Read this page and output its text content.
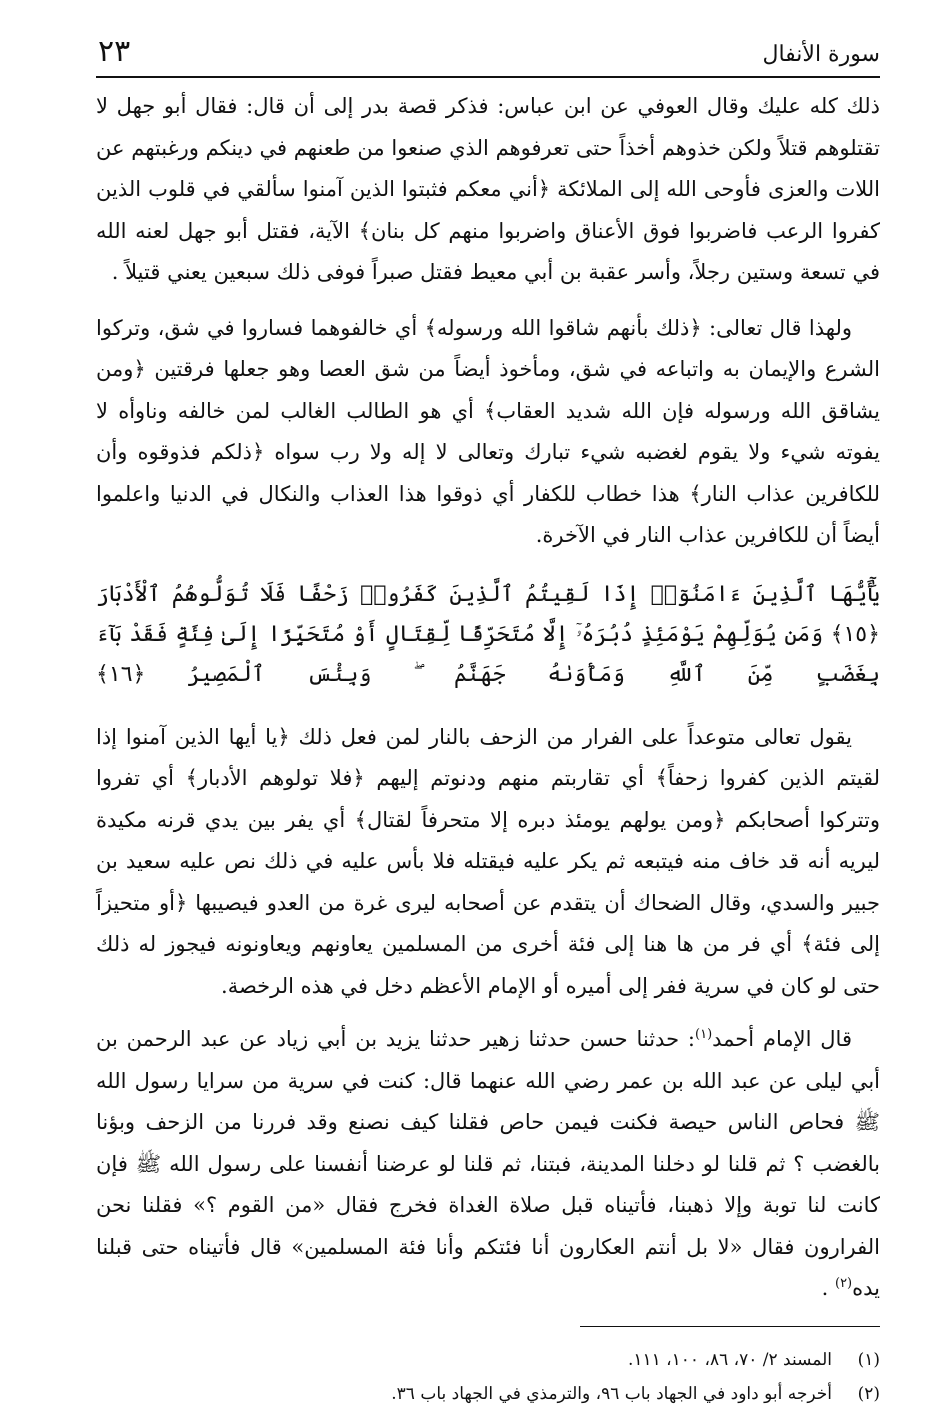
سورة الأنفال
٢٣

ذلك كله عليك وقال العوفي عن ابن عباس: فذكر قصة بدر إلى أن قال: فقال أبو جهل لا تقتلوهم قتلاً ولكن خذوهم أخذاً حتى تعرفوهم الذي صنعوا من طعنهم في دينكم ورغبتهم عن اللات والعزى فأوحى الله إلى الملائكة ﴿أني معكم فثبتوا الذين آمنوا سألقي في قلوب الذين كفروا الرعب فاضربوا فوق الأعناق واضربوا منهم كل بنان﴾ الآية، فقتل أبو جهل لعنه الله في تسعة وستين رجلاً، وأسر عقبة بن أبي معيط فقتل صبراً فوفى ذلك سبعين يعني قتيلاً .

ولهذا قال تعالى: ﴿ذلك بأنهم شاقوا الله ورسوله﴾ أي خالفوهما فساروا في شق، وتركوا الشرع والإيمان به واتباعه في شق، ومأخوذ أيضاً من شق العصا وهو جعلها فرقتين ﴿ومن يشاقق الله ورسوله فإن الله شديد العقاب﴾ أي هو الطالب الغالب لمن خالفه وناوأه لا يفوته شيء ولا يقوم لغضبه شيء تبارك وتعالى لا إله ولا رب سواه ﴿ذلكم فذوقوه وأن للكافرين عذاب النار﴾ هذا خطاب للكفار أي ذوقوا هذا العذاب والنكال في الدنيا واعلموا أيضاً أن للكافرين عذاب النار في الآخرة.

يَٰٓأَيُّهَا ٱلَّذِينَ ءَامَنُوٓا۟ إِذَا لَقِيتُمُ ٱلَّذِينَ كَفَرُوا۟ زَحْفًا فَلَا تُوَلُّوهُمُ ٱلْأَدْبَارَ ﴿١٥﴾ وَمَن يُوَلِّهِمْ يَوْمَئِذٍ دُبُرَهُۥٓ إِلَّا مُتَحَرِّفًا لِّقِتَالٍ أَوْ مُتَحَيِّزًا إِلَىٰ فِئَةٍ فَقَدْ بَآءَ بِغَضَبٍ مِّنَ ٱللَّهِ وَمَأْوَىٰهُ جَهَنَّمُ ۖ وَبِئْسَ ٱلْمَصِيرُ ﴿١٦﴾

يقول تعالى متوعداً على الفرار من الزحف بالنار لمن فعل ذلك ﴿يا أيها الذين آمنوا إذا لقيتم الذين كفروا زحفاً﴾ أي تقاربتم منهم ودنوتم إليهم ﴿فلا تولوهم الأدبار﴾ أي تفروا وتتركوا أصحابكم ﴿ومن يولهم يومئذ دبره إلا متحرفاً لقتال﴾ أي يفر بين يدي قرنه مكيدة ليريه أنه قد خاف منه فيتبعه ثم يكر عليه فيقتله فلا بأس عليه في ذلك نص عليه سعيد بن جبير والسدي، وقال الضحاك أن يتقدم عن أصحابه ليرى غرة من العدو فيصيبها ﴿أو متحيزاً إلى فئة﴾ أي فر من ها هنا إلى فئة أخرى من المسلمين يعاونهم ويعاونونه فيجوز له ذلك حتى لو كان في سرية ففر إلى أميره أو الإمام الأعظم دخل في هذه الرخصة.

قال الإمام أحمد$^{(١)}$: حدثنا حسن حدثنا زهير حدثنا يزيد بن أبي زياد عن عبد الرحمن بن أبي ليلى عن عبد الله بن عمر رضي الله عنهما قال: كنت في سرية من سرايا رسول الله ﷺ فحاص الناس حيصة فكنت فيمن حاص فقلنا كيف نصنع وقد فررنا من الزحف وبؤنا بالغضب ؟ ثم قلنا لو دخلنا المدينة، فبتنا، ثم قلنا لو عرضنا أنفسنا على رسول الله ﷺ فإن كانت لنا توبة وإلا ذهبنا، فأتيناه قبل صلاة الغداة فخرج فقال «من القوم ؟» فقلنا نحن الفرارون فقال «لا بل أنتم العكارون أنا فئتكم وأنا فئة المسلمين» قال فأتيناه حتى قبلنا يده$^{(٢)}$ .

(١)
المسند ٢/ ٧٠، ٨٦، ١٠٠، ١١١.
(٢)
أخرجه أبو داود في الجهاد باب ٩٦، والترمذي في الجهاد باب ٣٦.
